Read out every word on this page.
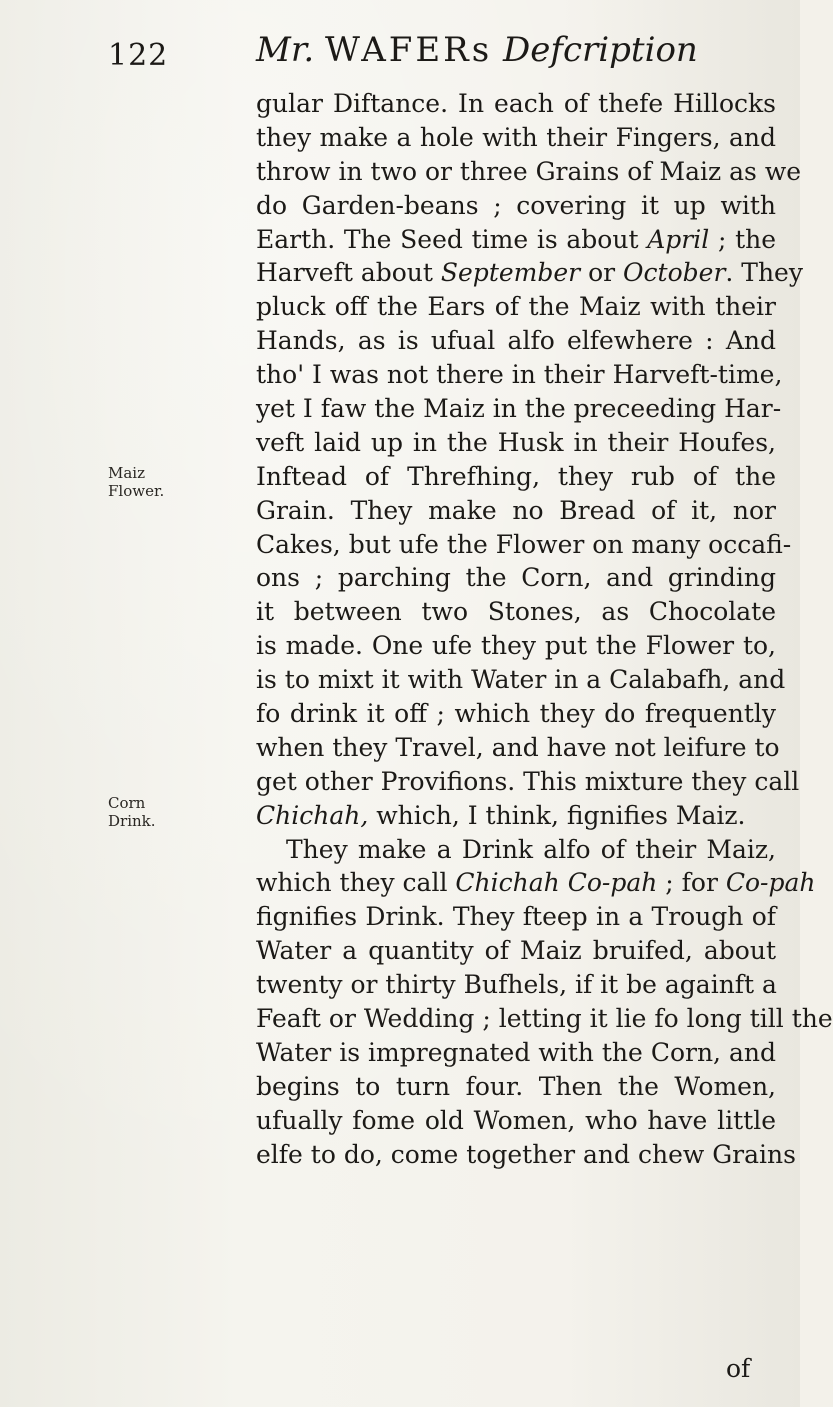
122	Mr. WAFERs Defcription
Maiz
Flower.
Corn
Drink.
gular Diftance. In each of thefe Hillocks
they make a hole with their Fingers, and
throw in two or three Grains of Maiz as we
do Garden-beans ; covering it up with
Earth. The Seed time is about April ; the
Harveft about September or October. They
pluck off the Ears of the Maiz with their
Hands, as is ufual alfo elfewhere : And
tho' I was not there in their Harveft-time,
yet I faw the Maiz in the preceeding Har-
veft laid up in the Husk in their Houfes,
Inftead of Threfhing, they rub of the
Grain. They make no Bread of it, nor
Cakes, but ufe the Flower on many occafi-
ons ; parching the Corn, and grinding
it between two Stones, as Chocolate
is made. One ufe they put the Flower to,
is to mixt it with Water in a Calabafh, and
fo drink it off ; which they do frequently
when they Travel, and have not leifure to
get other Provifions. This mixture they call
Chichah, which, I think, fignifies Maiz.
They make a Drink alfo of their Maiz,
which they call Chichah Co-pah ; for Co-pah
fignifies Drink. They fteep in a Trough of
Water a quantity of Maiz bruifed, about
twenty or thirty Bufhels, if it be againft a
Feaft or Wedding ; letting it lie fo long till the
Water is impregnated with the Corn, and
begins to turn four. Then the Women,
ufually fome old Women, who have little
elfe to do, come together and chew Grains
of
